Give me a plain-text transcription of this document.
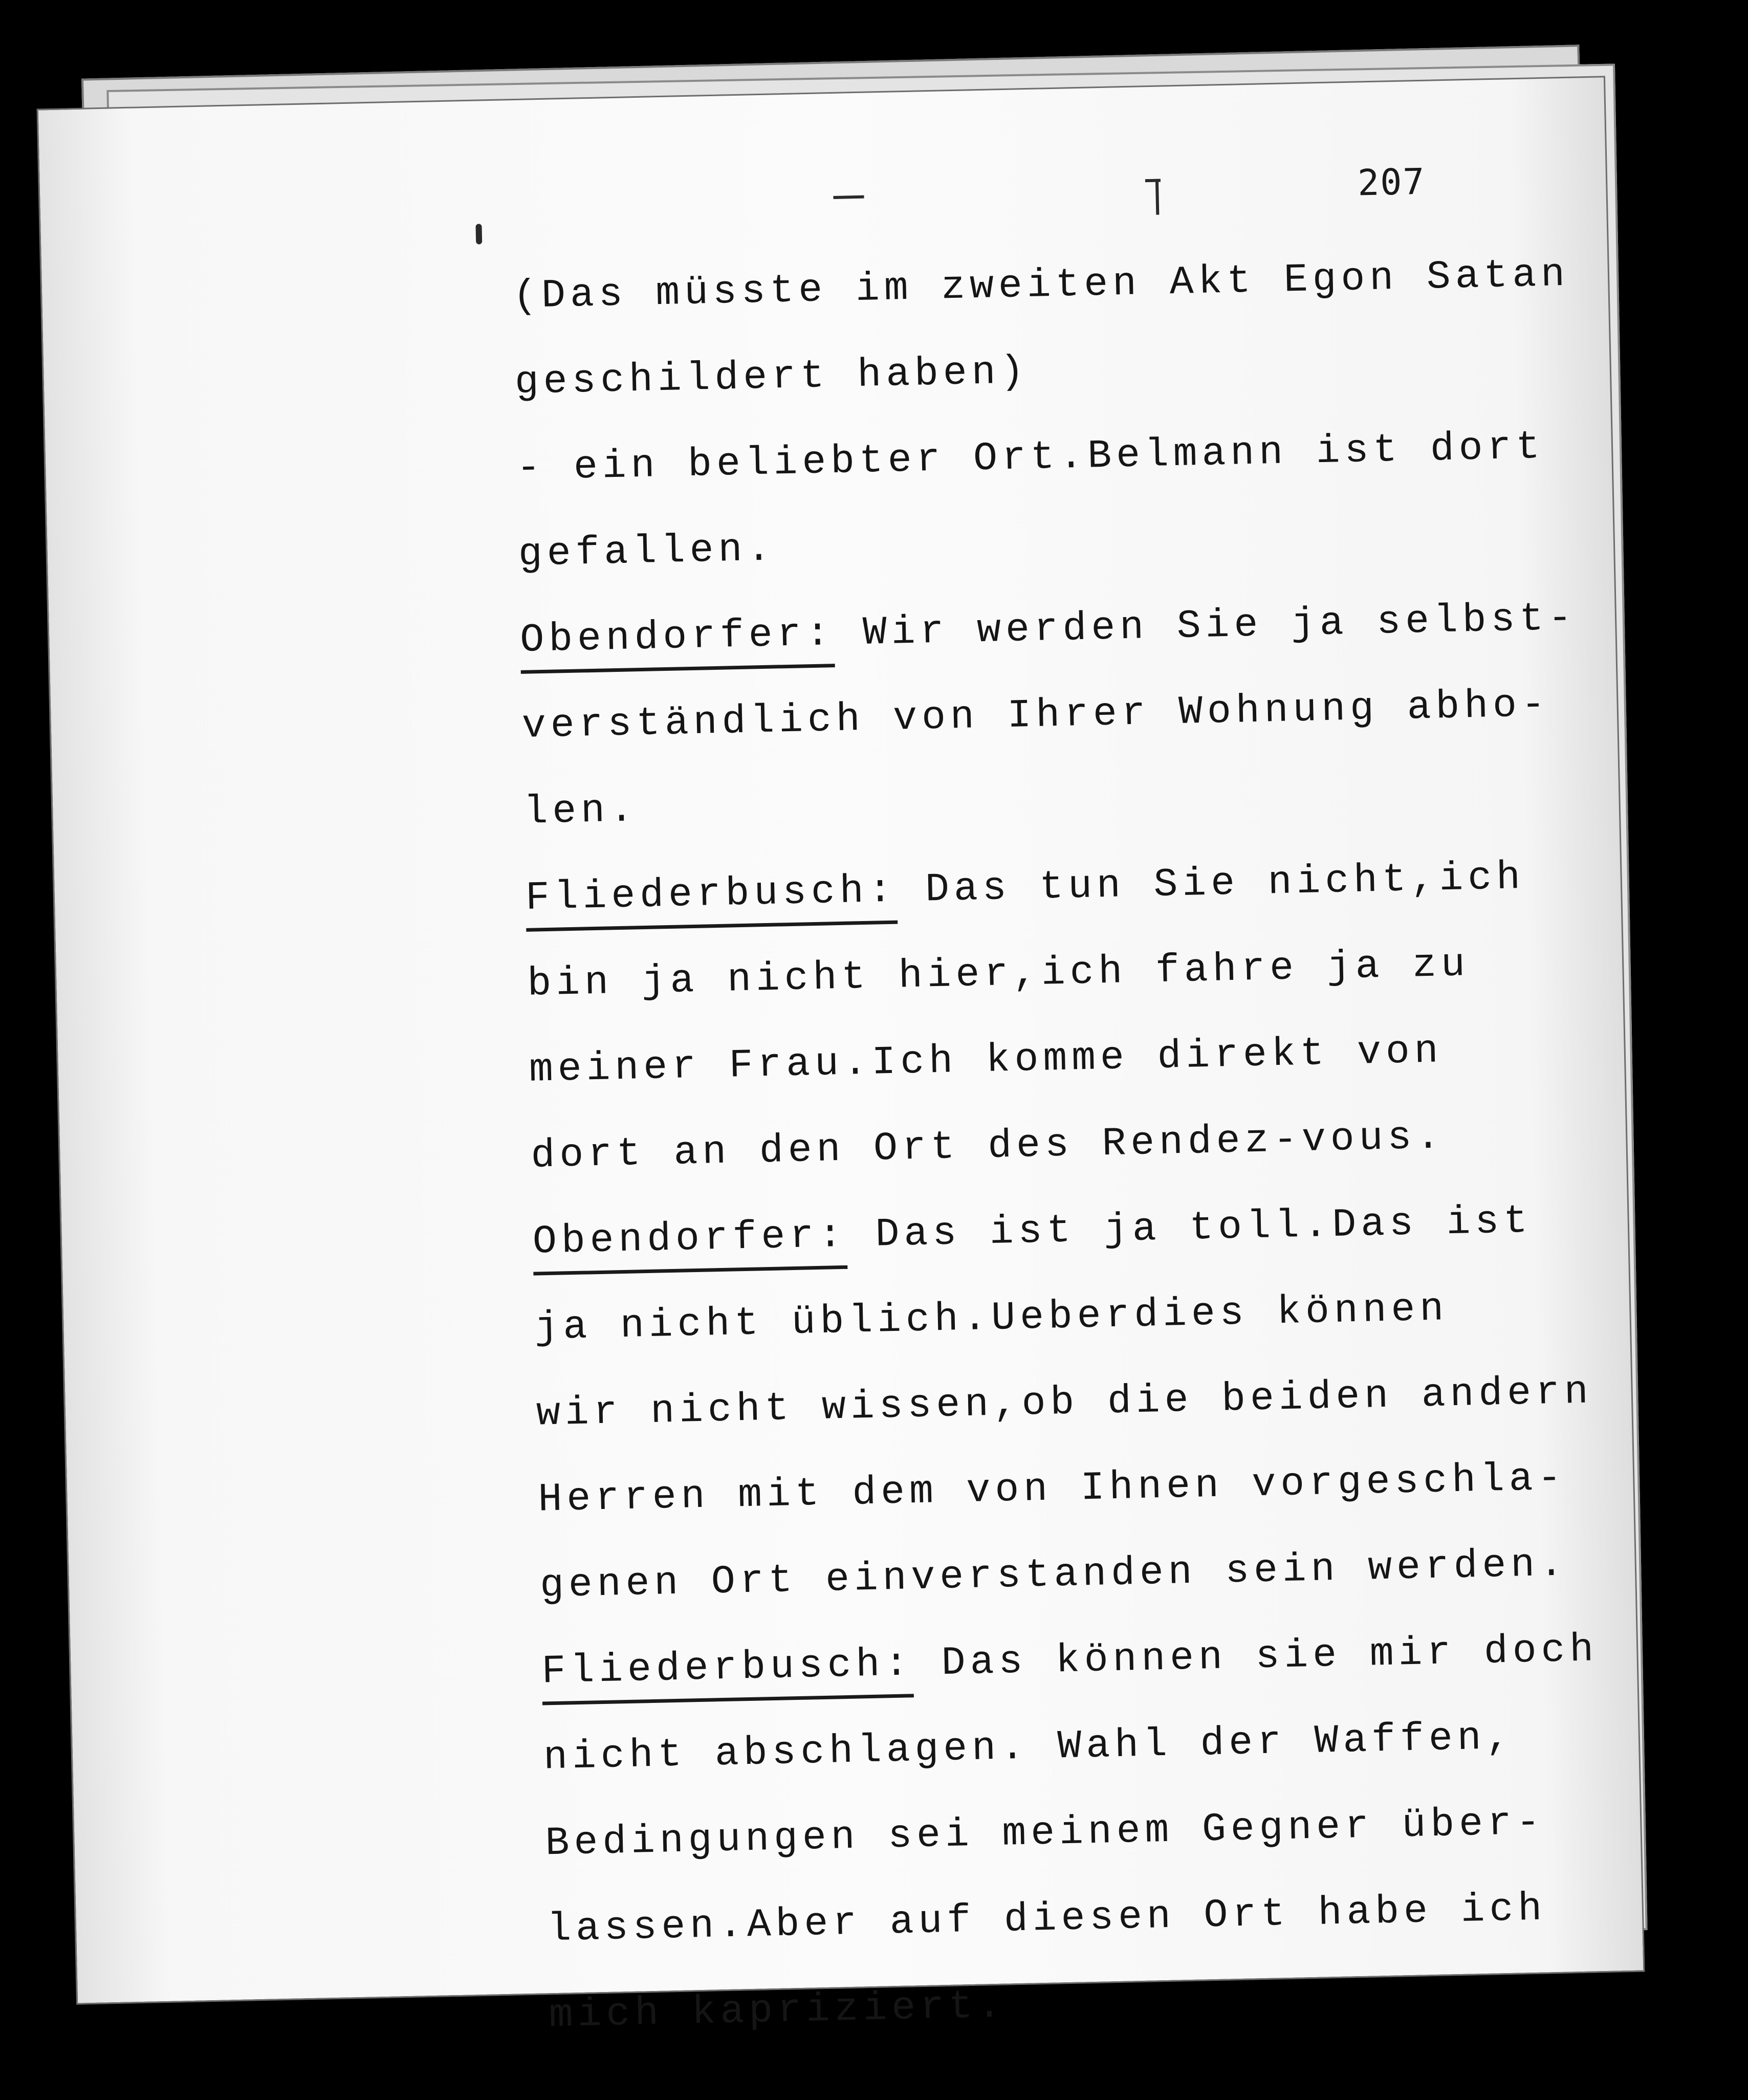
207
(Das müsste im zweiten Akt Egon Satan
geschildert haben)
- ein beliebter Ort.Belmann ist dort
gefallen.
Obendorfer: Wir werden Sie ja selbst-
verständlich von Ihrer Wohnung abho-
len.
Fliederbusch: Das tun Sie nicht,ich
bin ja nicht hier,ich fahre ja zu
meiner Frau.Ich komme direkt von
dort an den Ort des Rendez-vous.
Obendorfer: Das ist ja toll.Das ist
ja nicht üblich.Ueberdies können
wir nicht wissen,ob die beiden andern
Herren mit dem von Ihnen vorgeschla-
genen Ort einverstanden sein werden.
Fliederbusch: Das können sie mir doch
nicht abschlagen. Wahl der Waffen,
Bedingungen sei meinem Gegner über-
lassen.Aber auf diesen Ort habe ich
mich kapriziert.
